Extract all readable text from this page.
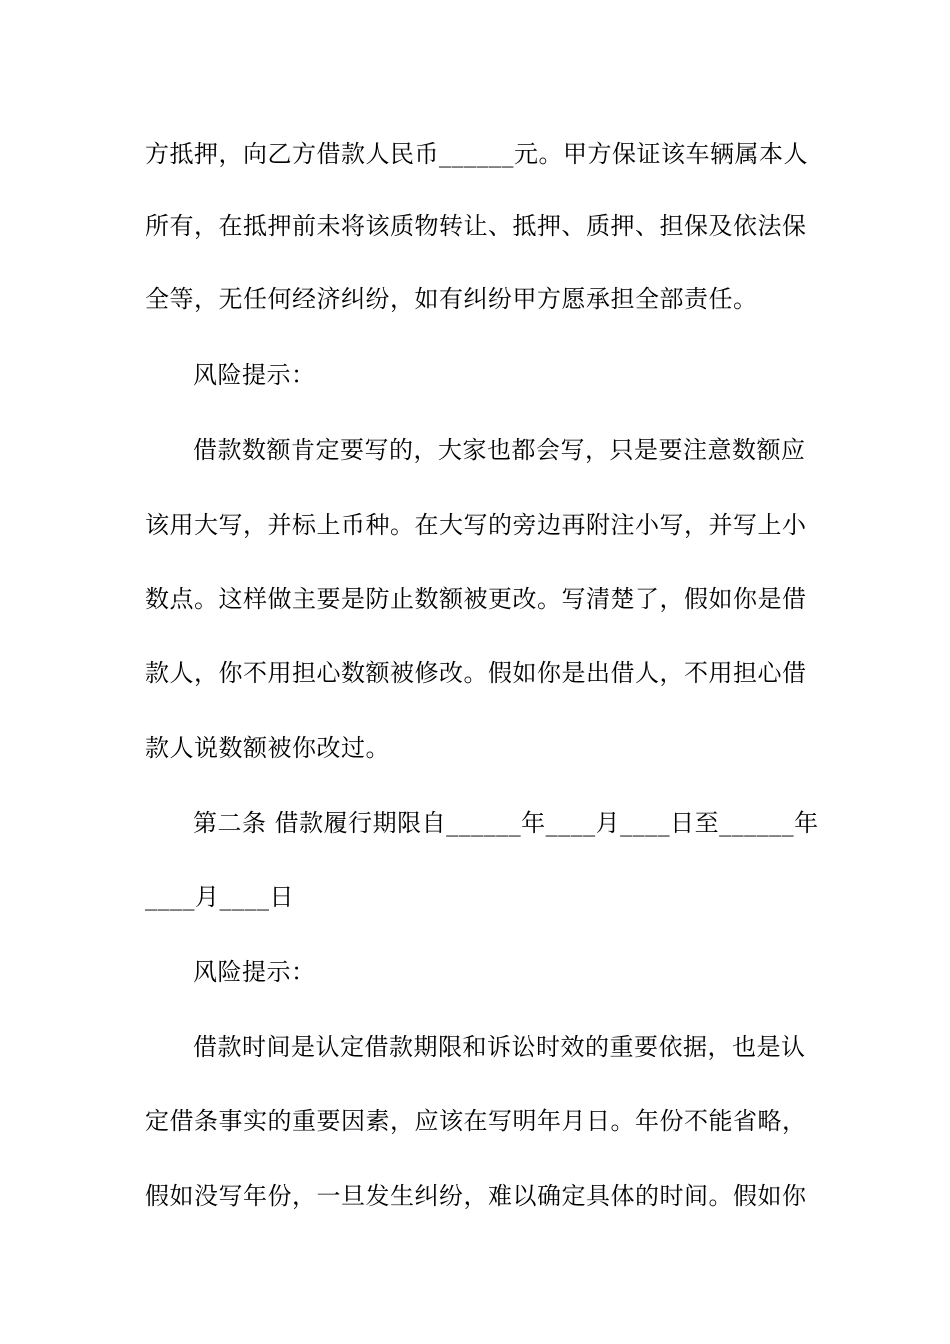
方抵押，向乙方借款人民币______元。甲方保证该车辆属本人
所有，在抵押前未将该质物转让、抵押、质押、担保及依法保
全等，无任何经济纠纷，如有纠纷甲方愿承担全部责任。
风险提示：
借款数额肯定要写的，大家也都会写，只是要注意数额应
该用大写，并标上币种。在大写的旁边再附注小写，并写上小
数点。这样做主要是防止数额被更改。写清楚了，假如你是借
款人，你不用担心数额被修改。假如你是出借人，不用担心借
款人说数额被你改过。
第二条 借款履行期限自______年____月____日至______年
____月____日
风险提示：
借款时间是认定借款期限和诉讼时效的重要依据，也是认
定借条事实的重要因素，应该在写明年月日。年份不能省略，
假如没写年份，一旦发生纠纷，难以确定具体的时间。假如你
